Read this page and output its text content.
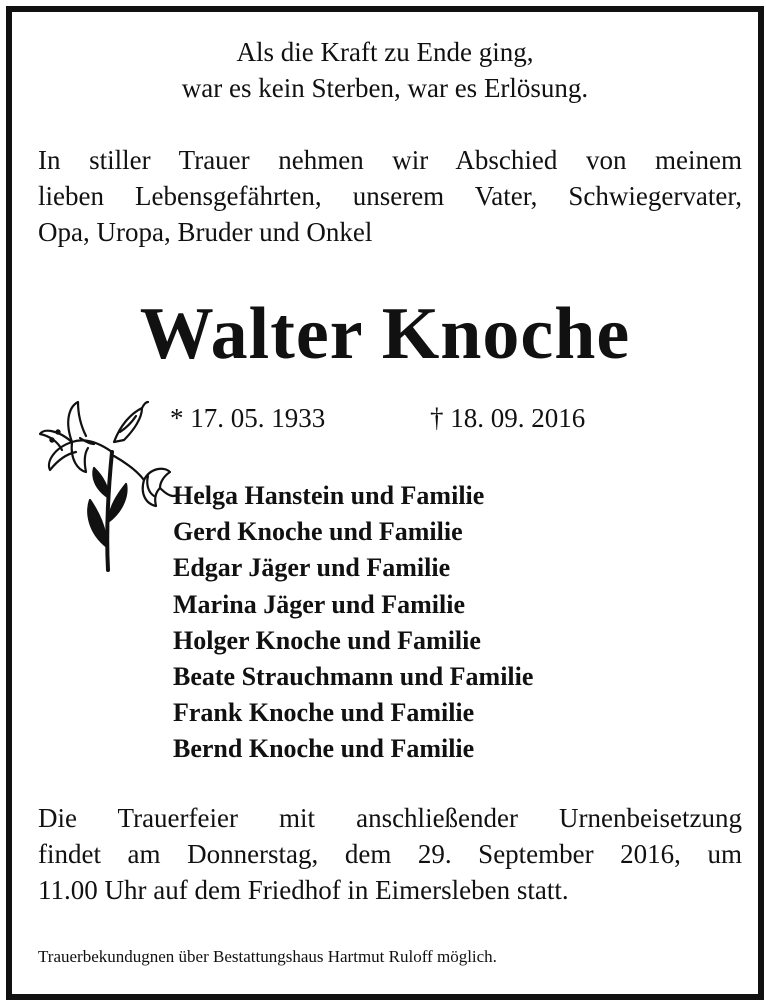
Als die Kraft zu Ende ging,
war es kein Sterben, war es Erlösung.
In stiller Trauer nehmen wir Abschied von meinem
lieben Lebensgefährten, unserem Vater, Schwiegervater,
Opa, Uropa, Bruder und Onkel
Walter Knoche
* 17. 05. 1933	† 18. 09. 2016
Helga Hanstein und Familie
Gerd Knoche und Familie
Edgar Jäger und Familie
Marina Jäger und Familie
Holger Knoche und Familie
Beate Strauchmann und Familie
Frank Knoche und Familie
Bernd Knoche und Familie
Die Trauerfeier mit anschließender Urnenbeisetzung
findet am Donnerstag, dem 29. September 2016, um
11.00 Uhr auf dem Friedhof in Eimersleben statt.
Trauerbekundugnen über Bestattungshaus Hartmut Ruloff möglich.
